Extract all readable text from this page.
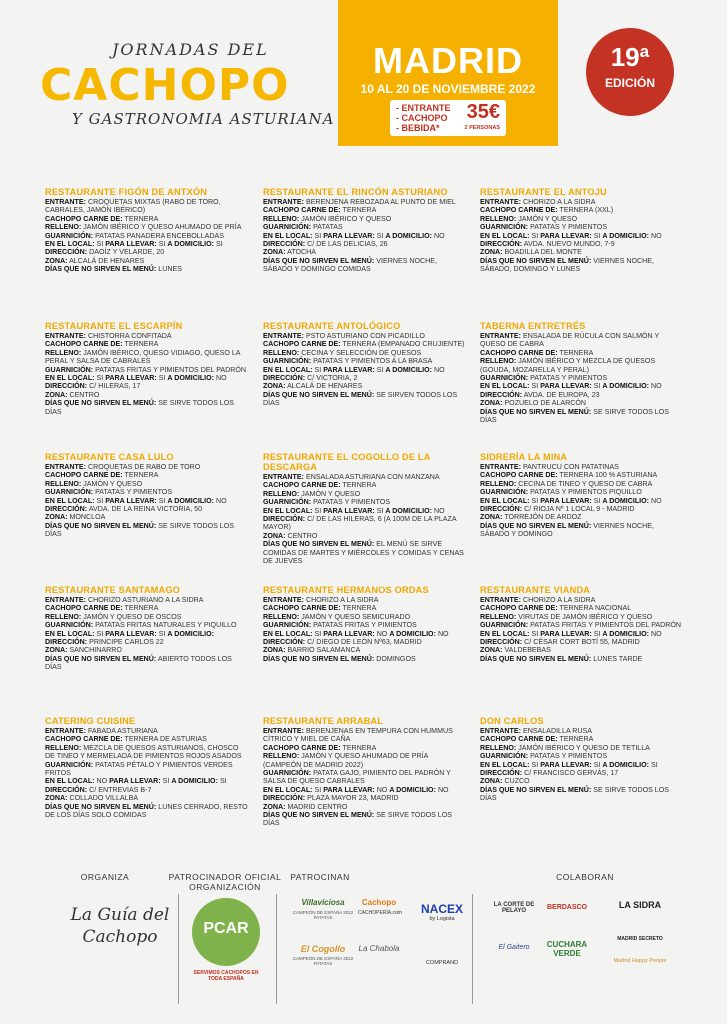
JORNADAS DEL
CACHOPO
Y GASTRONOMIA ASTURIANA
MADRID
10 AL 20 DE NOVIEMBRE 2022
- ENTRANTE
- CACHOPO
- BEBIDA*
35€
2 PERSONAS
19ª
EDICIÓN
RESTAURANTE FIGÓN DE ANTXÓN

ENTRANTE: CROQUETAS MIXTAS (RABO DE TORO, CABRALES, JAMÓN IBÉRICO)

CACHOPO CARNE DE: TERNERA

RELLENO: JAMÓN IBÉRICO Y QUESO AHUMADO DE PRÍA

GUARNICIÓN: PATATAS PANADERA ENCEBOLLADAS

EN EL LOCAL: SI PARA LLEVAR: SI A DOMICILIO: SI

DIRECCIÓN: DAOÍZ Y VELARDE, 20

ZONA: ALCALÁ DE HENARES

DÍAS QUE NO SIRVEN EL MENÚ: LUNES

RESTAURANTE EL RINCÓN ASTURIANO

ENTRANTE: BERENJENA REBOZADA AL PUNTO DE MIEL

CACHOPO CARNE DE: TERNERA

RELLENO: JAMÓN IBÉRICO Y QUESO

GUARNICIÓN: PATATAS

EN EL LOCAL: SI PARA LLEVAR: SI A DOMICILIO: NO

DIRECCIÓN: C/ DE LAS DELICIAS, 26

ZONA: ATOCHA

DÍAS QUE NO SIRVEN EL MENÚ: VIERNES NOCHE, SÁBADO Y DOMINGO COMIDAS

RESTAURANTE EL ANTOJU

ENTRANTE: CHORIZO A LA SIDRA

CACHOPO CARNE DE: TERNERA (XXL)

RELLENO: JAMÓN Y QUESO

GUARNICIÓN: PATATAS Y PIMIENTOS

EN EL LOCAL: SI PARA LLEVAR: SI A DOMICILIO: NO

DIRECCIÓN: AVDA. NUEVO MUNDO, 7-9

ZONA: BOADILLA DEL MONTE

DÍAS QUE NO SIRVEN EL MENÚ: VIERNES NOCHE, SÁBADO, DOMINGO Y LUNES

RESTAURANTE EL ESCARPÍN

ENTRANTE: CHISTORRA CONFITADA

CACHOPO CARNE DE: TERNERA

RELLENO: JAMÓN IBÉRICO, QUESO VIDIAGO, QUESO LA PERAL Y SALSA DE CABRALES

GUARNICIÓN: PATATAS FRITAS Y PIMIENTOS DEL PADRÓN

EN EL LOCAL: SI PARA LLEVAR: SI A DOMICILIO: NO

DIRECCIÓN: C/ HILERAS, 17

ZONA: CENTRO

DÍAS QUE NO SIRVEN EL MENÚ: SE SIRVE TODOS LOS DÍAS

RESTAURANTE ANTOLÓGICO

ENTRANTE: PSTO ASTURIANO CON PICADILLO

CACHOPO CARNE DE: TERNERA (EMPANADO CRUJIENTE)

RELLENO: CECINA Y SELECCIÓN DE QUESOS

GUARNICIÓN: PATATAS Y PIMIENTOS A LA BRASA

EN EL LOCAL: SI PARA LLEVAR: SI A DOMICILIO: NO

DIRECCIÓN: C/ VICTORIA, 2

ZONA: ALCALÁ DE HENARES

DÍAS QUE NO SIRVEN EL MENÚ: SE SIRVEN TODOS LOS DÍAS

TABERNA ENTRETRÉS

ENTRANTE: ENSALADA DE RÚCULA CON SALMÓN Y QUESO DE CABRA

CACHOPO CARNE DE: TERNERA

RELLENO: JAMÓN IBÉRICO Y MEZCLA DE QUESOS (GOUDA, MOZARELLA Y PERAL)

GUARNICIÓN: PATATAS Y PIMIENTOS

EN EL LOCAL: SI PARA LLEVAR: SI A DOMICILIO: NO

DIRECCIÓN: AVDA. DE EUROPA, 23

ZONA: POZUELO DE ALARCÓN

DÍAS QUE NO SIRVEN EL MENÚ: SE SIRVE TODOS LOS DÍAS

RESTAURANTE CASA LULO

ENTRANTE: CROQUETAS DE RABO DE TORO

CACHOPO CARNE DE: TERNERA

RELLENO: JAMÓN Y QUESO

GUARNICIÓN: PATATAS Y PIMIENTOS

EN EL LOCAL: SI PARA LLEVAR: SI A DOMICILIO: NO

DIRECCIÓN: AVDA. DE LA REINA VICTORIA, 50

ZONA: MONCLOA

DÍAS QUE NO SIRVEN EL MENÚ: SE SIRVE TODOS LOS DÍAS

RESTAURANTE EL COGOLLO DE LA DESCARGA

ENTRANTE: ENSALADA ASTURIANA CON MANZANA

CACHOPO CARNE DE: TERNERA

RELLENO: JAMÓN Y QUESO

GUARNICIÓN: PATATAS Y PIMIENTOS

EN EL LOCAL: SI PARA LLEVAR: SI A DOMICILIO: NO

DIRECCIÓN: C/ DE LAS HILERAS, 6 (A 100M DE LA PLAZA MAYOR)

ZONA: CENTRO

DÍAS QUE NO SIRVEN EL MENÚ: EL MENÚ SE SIRVE COMIDAS DE MARTES Y MIÉRCOLES Y COMIDAS Y CENAS DE JUEVES

SIDRERÍA LA MINA

ENTRANTE: PANTRUCU CON PATATINAS

CACHOPO CARNE DE: TERNERA 100 % ASTURIANA

RELLENO: CECINA DE TINEO Y QUESO DE CABRA

GUARNICIÓN: PATATAS Y PIMIENTOS PIQUILLO

EN EL LOCAL: SI PARA LLEVAR: SI A DOMICILIO: NO

DIRECCIÓN: C/ RIOJA Nº 1 LOCAL 9 - MADRID

ZONA: TORREJÓN DE ARDOZ

DÍAS QUE NO SIRVEN EL MENÚ: VIERNES NOCHE, SÁBADO Y DOMINGO

RESTAURANTE SANTAMAGO

ENTRANTE: CHORIZO ASTURIANO A LA SIDRA

CACHOPO CARNE DE: TERNERA

RELLENO: JAMÓN Y QUESO DE OSCOS

GUARNICIÓN: PATATAS FRITAS NATURALES Y PIQUILLO

EN EL LOCAL: SI PARA LLEVAR: SI A DOMICILIO:

DIRECCIÓN: PRINCIPE CARLOS 22

ZONA: SANCHINARRO

DÍAS QUE NO SIRVEN EL MENÚ: ABIERTO TODOS LOS DÍAS

RESTAURANTE HERMANOS ORDAS

ENTRANTE: CHORIZO A LA SIDRA

CACHOPO CARNE DE: TERNERA

RELLENO: JAMÓN Y QUESO SEMICURADO

GUARNICIÓN: PATATAS FRITAS Y PIMIENTOS

EN EL LOCAL: SI PARA LLEVAR: NO A DOMICILIO: NO

DIRECCIÓN: C/ DIEGO DE LEÓN Nº63, MADRID

ZONA: BARRIO SALAMANCA

DÍAS QUE NO SIRVEN EL MENÚ: DOMINGOS

RESTAURANTE VIANDA

ENTRANTE: CHORIZO A LA SIDRA

CACHOPO CARNE DE: TERNERA NACIONAL

RELLENO: VIRUTAS DE JAMÓN IBÉRICO Y QUESO

GUARNICIÓN: PATATAS FRITAS Y PIMIENTOS DEL PADRÓN

EN EL LOCAL: SI PARA LLEVAR: SI A DOMICILIO: NO

DIRECCIÓN: C/ CÉSAR CORT BOTÍ 55, MADRID

ZONA: VALDEBEBAS

DÍAS QUE NO SIRVEN EL MENÚ: LUNES TARDE

CATERING CUISINE

ENTRANTE: FABADA ASTURIANA

CACHOPO CARNE DE: TERNERA DE ASTURIAS

RELLENO: MEZCLA DE QUESOS ASTURIANOS, CHOSCO DE TINEO Y MERMELADA DE PIMIENTOS ROJOS ASADOS

GUARNICIÓN: PATATAS PÉTALO Y PIMIENTOS VERDES FRITOS

EN EL LOCAL: NO PARA LLEVAR: SI A DOMICILIO: SI

DIRECCIÓN: C/ ENTREVIAS B-7

ZONA: COLLADO VILLALBA

DÍAS QUE NO SIRVEN EL MENÚ: LUNES CERRADO, RESTO DE LOS DÍAS SOLO COMIDAS

RESTAURANTE ARRABAL

ENTRANTE: BERENJENAS EN TEMPURA CON HUMMUS CÍTRICO Y MIEL DE CAÑA

CACHOPO CARNE DE: TERNERA

RELLENO: JAMÓN Y QUESO AHUMADO DE PRÍA (CAMPEÓN DE MADRID 2022)

GUARNICIÓN: PATATA GAJO, PIMIENTO DEL PADRÓN Y SALSA DE QUESO CABRALES

EN EL LOCAL: SI PARA LLEVAR: NO A DOMICILIO: NO

DIRECCIÓN: PLAZA MAYOR 23, MADRID

ZONA: MADRID CENTRO

DÍAS QUE NO SIRVEN EL MENÚ: SE SIRVE TODOS LOS DÍAS

DON CARLOS

ENTRANTE: ENSALADILLA RUSA

CACHOPO CARNE DE: TERNERA

RELLENO: JAMÓN IBÉRICO Y QUESO DE TETILLA

GUARNICIÓN: PATATAS Y PIMIENTOS

EN EL LOCAL: SI PARA LLEVAR: SI A DOMICILIO: SI

DIRECCIÓN: C/ FRANCISCO GERVÁS, 17

ZONA: CUZCO

DÍAS QUE NO SIRVEN EL MENÚ: SE SIRVE TODOS LOS DÍAS

ORGANIZA	PATROCINADOR OFICIAL ORGANIZACIÓN
PATROCINAN	COLABORAN
La Guía del Cachopo	PCAR
SERVIMOS CACHOPOS EN TODA ESPAÑA
Villaviciosa
CAMPEÓN DE ESPAÑA 2022 PATATAS
Cachopo
CACHOPERÍA.com
El Cogollo
CAMPEÓN DE ESPAÑA 2022 PATATAS
La Chabola
NACEX
by Logista
COMPRAND
LA CORTE DE PELAYO	BERDASCO	LA SIDRA
El Gaitero	CUCHARA VERDE
MADRID SECRETO
Madrid Happy People
